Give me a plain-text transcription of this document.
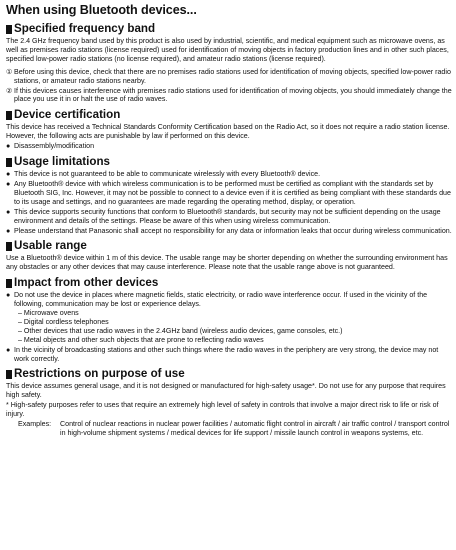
When using Bluetooth devices...
Specified frequency band
The 2.4 GHz frequency band used by this product is also used by industrial, scientific, and medical equipment such as microwave ovens, as well as premises radio stations (license required) used for identification of moving objects in factory production lines and in other such places, specified low-power radio stations (no license required), and amateur radio stations (license required).
① Before using this device, check that there are no premises radio stations used for identification of moving objects, specified low-power radio stations, or amateur radio stations nearby.
② If this devices causes interference with premises radio stations used for identification of moving objects, you should immediately change the place you use it in or halt the use of radio waves.
Device certification
This device has received a Technical Standards Conformity Certification based on the Radio Act, so it does not require a radio station license. However, the following acts are punishable by law if performed on this device.
● Disassembly/modification
Usage limitations
● This device is not guaranteed to be able to communicate wirelessly with every Bluetooth® device.
● Any Bluetooth® device with which wireless communication is to be performed must be certified as compliant with the standards set by Bluetooth SIG, Inc. However, it may not be possible to connect to a device even if it is certified as being compliant with these standards due to its usage and settings, and no guarantees are made regarding the operating method, display, or operation.
● This device supports security functions that conform to Bluetooth® standards, but security may not be sufficient depending on the usage environment and details of the settings. Please be aware of this when using wireless communication.
● Please understand that Panasonic shall accept no responsibility for any data or information leaks that occur during wireless communication.
Usable range
Use a Bluetooth® device within 1 m of this device. The usable range may be shorter depending on whether the surrounding environment has any obstacles or any other devices that may cause interference. Please note that the usable range above is not guaranteed.
Impact from other devices
● Do not use the device in places where magnetic fields, static electricity, or radio wave interference occur. If used in the vicinity of the following, communication may be lost or experience delays.
– Microwave ovens
– Digital cordless telephones
– Other devices that use radio waves in the 2.4GHz band (wireless audio devices, game consoles, etc.)
– Metal objects and other such objects that are prone to reflecting radio waves
● In the vicinity of broadcasting stations and other such things where the radio waves in the periphery are very strong, the device may not work correctly.
Restrictions on purpose of use
This device assumes general usage, and it is not designed or manufactured for high-safety usage*. Do not use for any purpose that requires high safety.
* High-safety purposes refer to uses that require an extremely high level of safety in controls that involve a major direct risk to life or risk of injury.
Examples:	Control of nuclear reactions in nuclear power facilities / automatic flight control in aircraft / air traffic control / transport control in high-volume shipment systems / medical devices for life support / missile launch control in weapons systems, etc.
